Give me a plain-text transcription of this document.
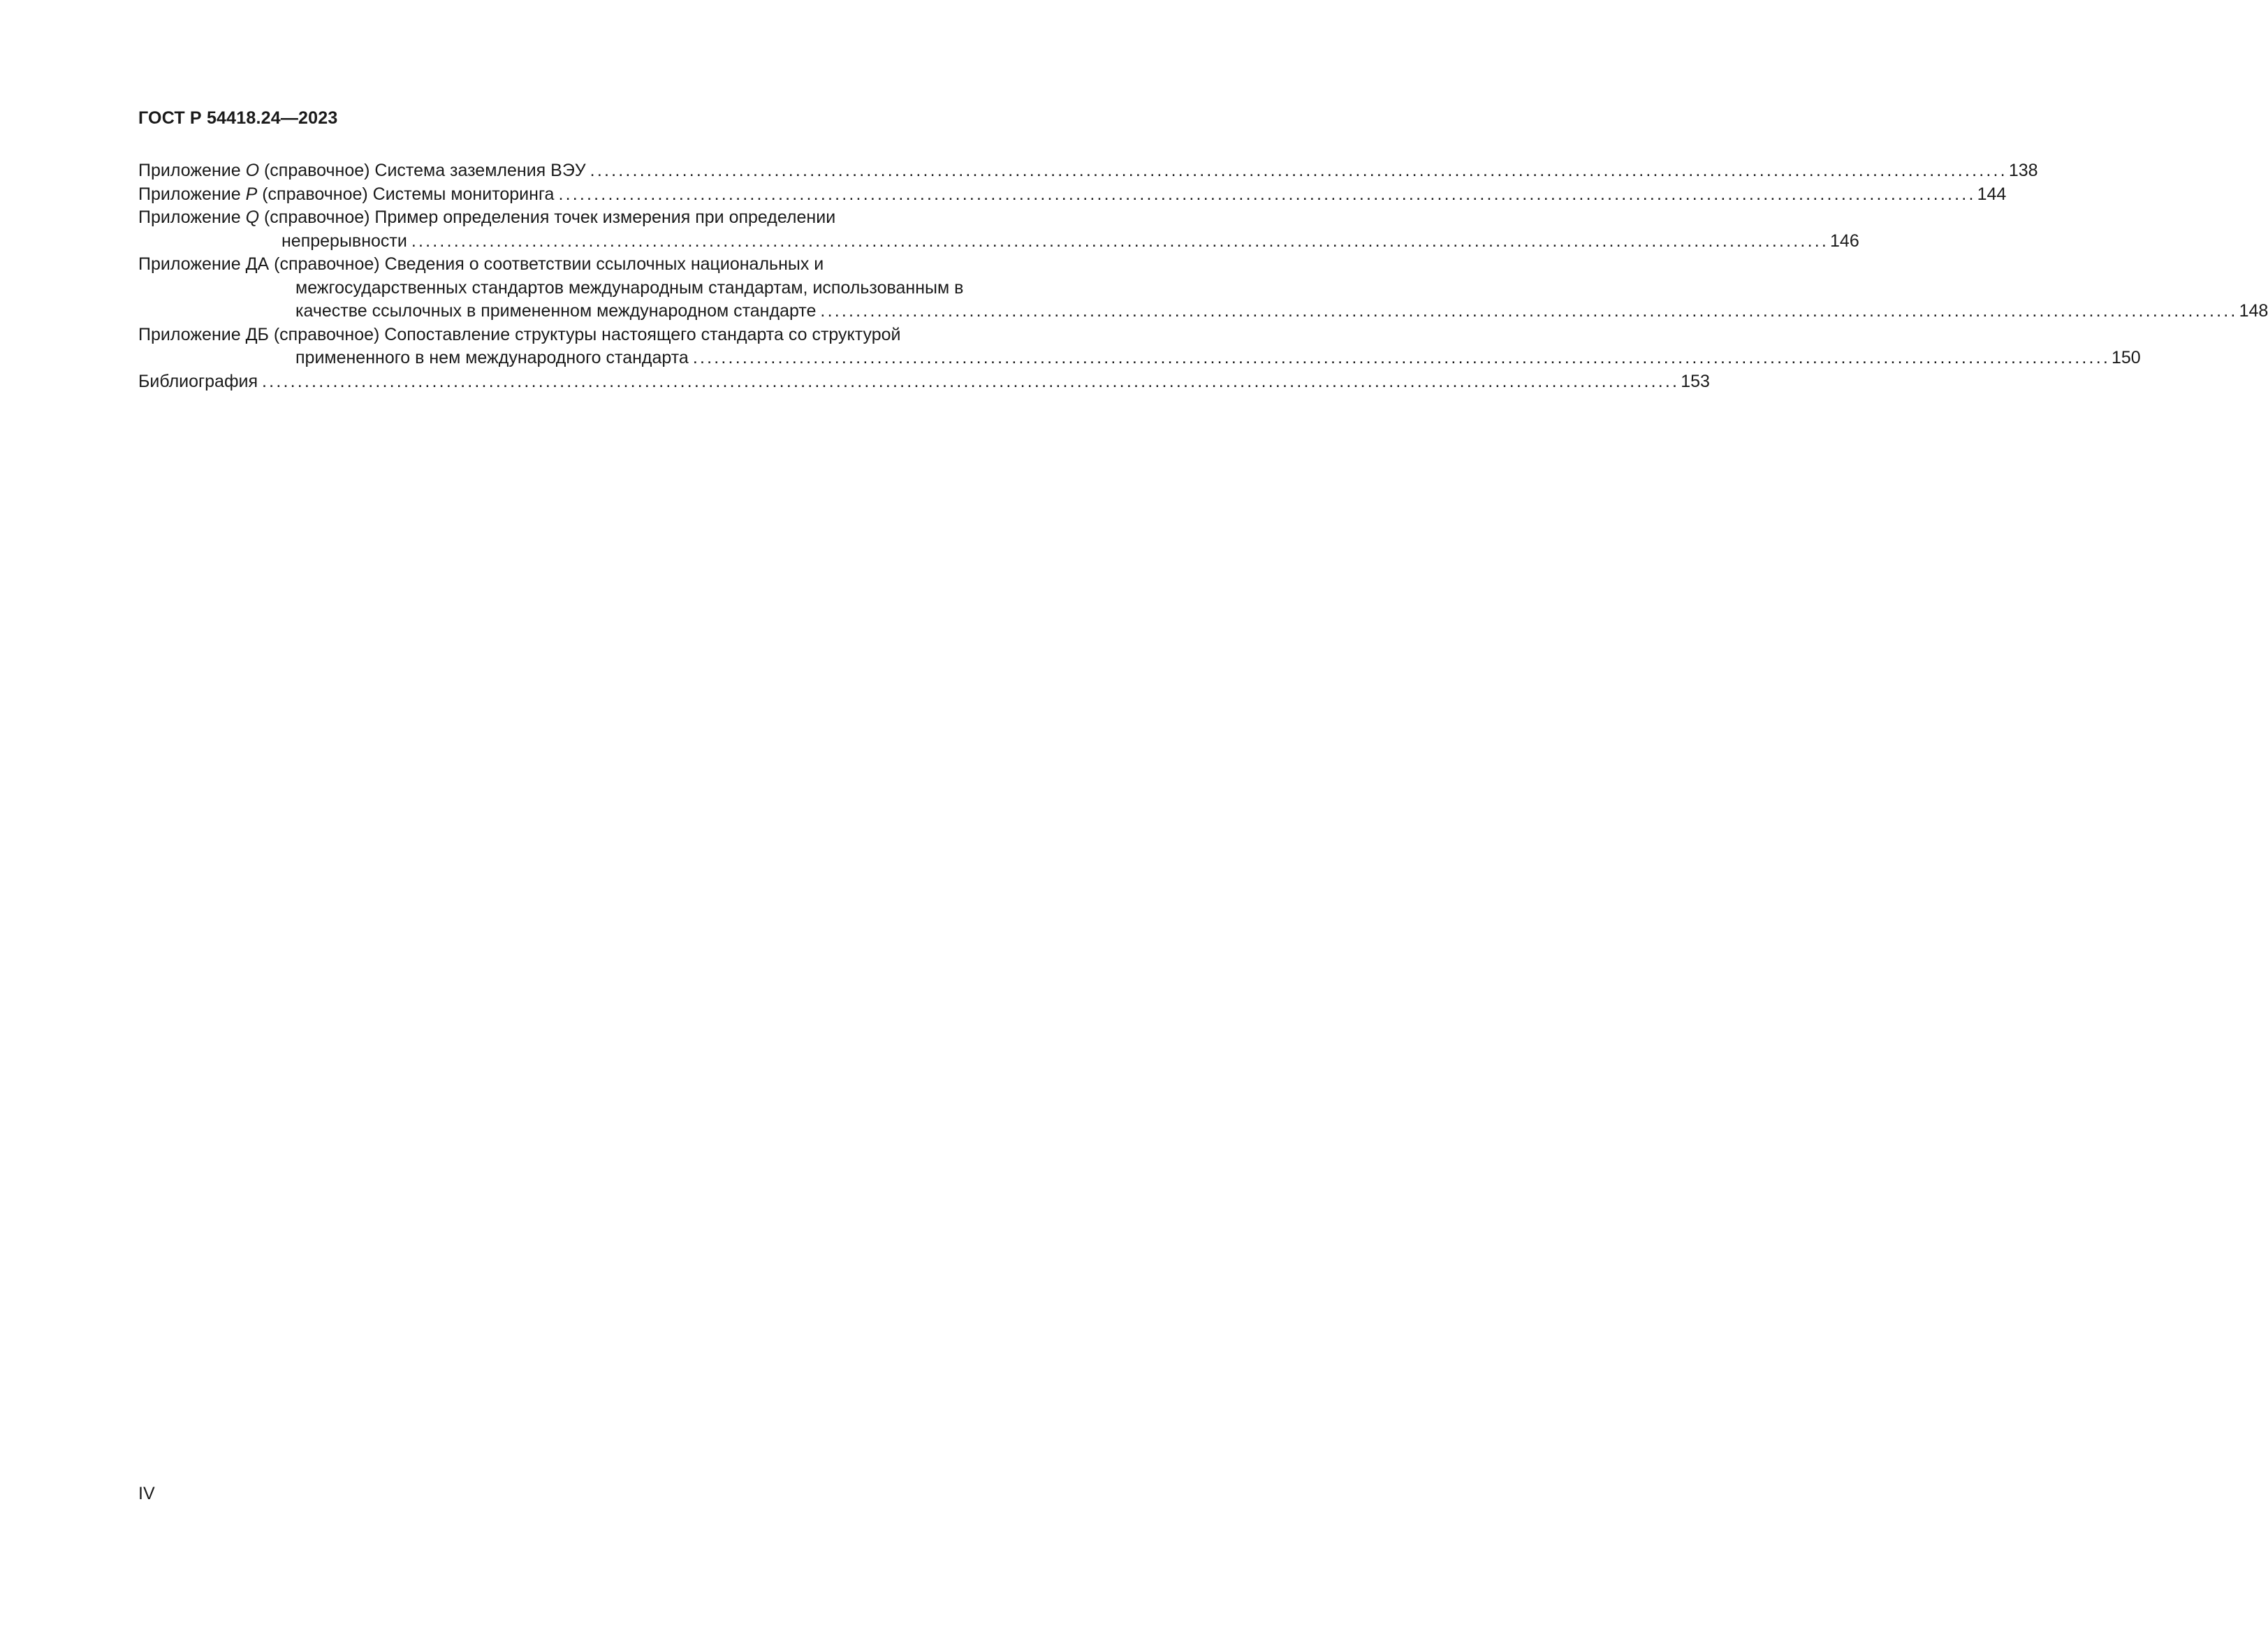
ГОСТ Р 54418.24—2023
Приложение O (справочное) Система заземления ВЭУ ........................................................................................................................................................................................................ 138
Приложение P (справочное) Системы мониторинга ........................................................................................................................................................................................................ 144
Приложение Q (справочное) Пример определения точек измерения при определении
непрерывности ........................................................................................................................................................................................................ 146
Приложение ДА (справочное) Сведения о соответствии ссылочных национальных и
межгосударственных стандартов международным стандартам, использованным в
качестве ссылочных в примененном международном стандарте ........................................................................................................................................................................................................ 148
Приложение ДБ (справочное) Сопоставление структуры настоящего стандарта со структурой
примененного в нем международного стандарта ........................................................................................................................................................................................................ 150
Библиография ........................................................................................................................................................................................................ 153
IV
